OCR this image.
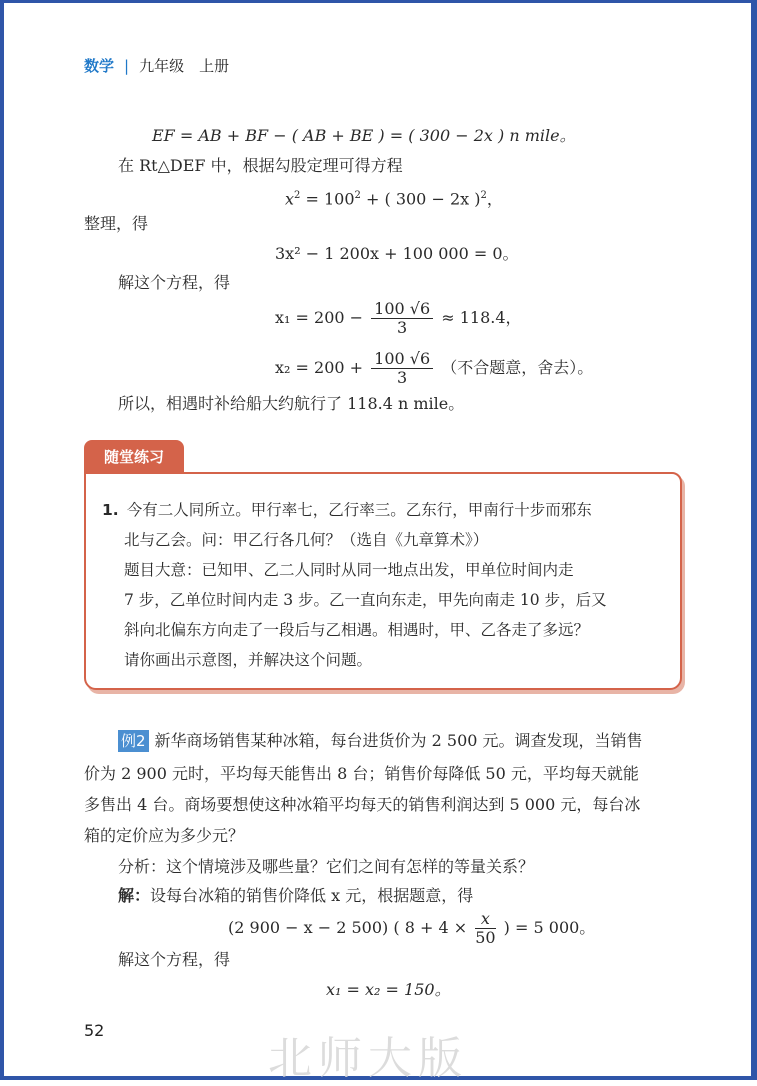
数学 | 九年级　上册
EF = AB + BF − ( AB + BE ) = ( 300 − 2x ) n mile。
在 Rt△DEF 中，根据勾股定理可得方程
$x^2 = 100^2$ + ( 300 − 2x )$^2$，
整理，得
3x² − 1 200x + 100 000 = 0。
解这个方程，得
$x_1 = 200 - \frac{100 √6}{3} \approx 118.4$，
$x_2 = 200 + \frac{100 √6}{3}$ （不合题意，舍去）。
所以，相遇时补给船大约航行了 118.4 n mile。
随堂练习
1. 今有二人同所立。甲行率七，乙行率三。乙东行，甲南行十步而邪东
北与乙会。问：甲乙行各几何？（选自《九章算术》）
题目大意：已知甲、乙二人同时从同一地点出发，甲单位时间内走
7 步，乙单位时间内走 3 步。乙一直向东走，甲先向南走 10 步，后又
斜向北偏东方向走了一段后与乙相遇。相遇时，甲、乙各走了多远？
请你画出示意图，并解决这个问题。
例2 新华商场销售某种冰箱，每台进货价为 2 500 元。调查发现，当销售
价为 2 900 元时，平均每天能售出 8 台；销售价每降低 50 元，平均每天就能
多售出 4 台。商场要想使这种冰箱平均每天的销售利润达到 5 000 元，每台冰
箱的定价应为多少元？
分析：这个情境涉及哪些量？它们之间有怎样的等量关系？
解：设每台冰箱的销售价降低 x 元，根据题意，得
(2 900 − x − 2 500) ( $8 + 4 \times \frac{x}{50}$ ) = 5 000。
解这个方程，得
x₁ = x₂ = 150。
52
北师大版
